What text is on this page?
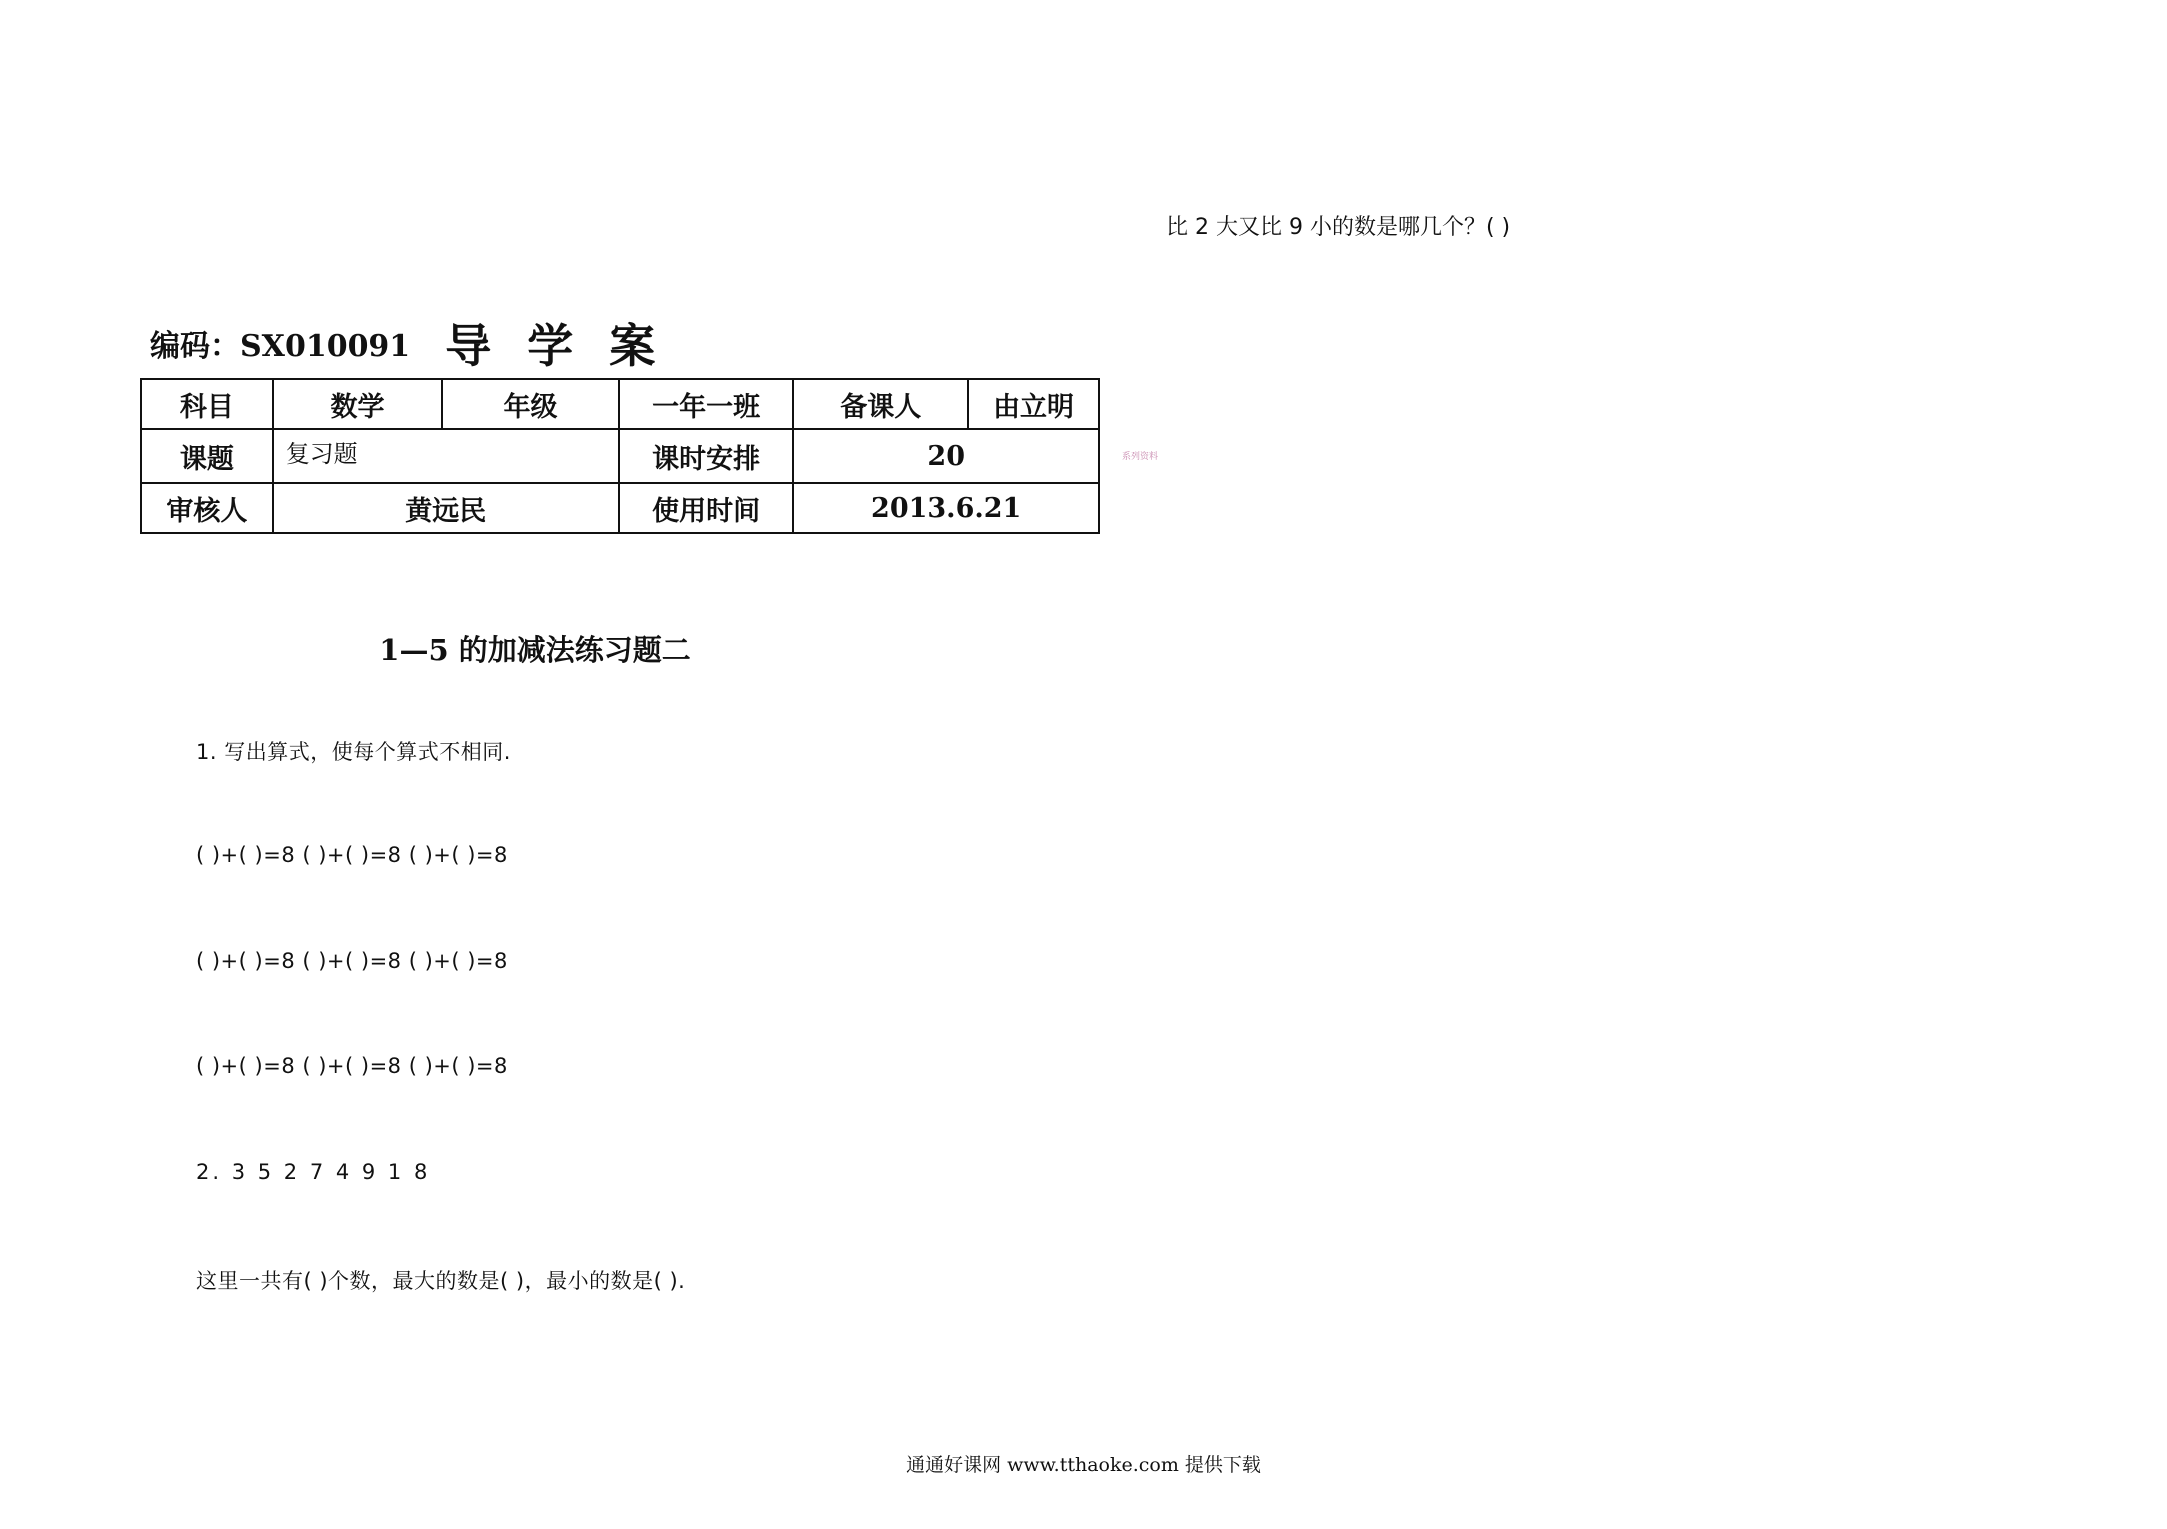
比 2 大又比 9 小的数是哪几个？( )
编码：SX010091 导学案
科目	数学	年级	一年一班	备课人	由立明
课题	复习题		课时安排	20	
审核人	黄远民		使用时间	2013.6.21	
系列资料
1—5 的加减法练习题二
1. 写出算式，使每个算式不相同.
( )+( )=8 ( )+( )=8 ( )+( )=8
( )+( )=8 ( )+( )=8 ( )+( )=8
( )+( )=8 ( )+( )=8 ( )+( )=8
2. 3 5 2 7 4 9 1 8
这里一共有( )个数，最大的数是( )，最小的数是( ).
通通好课网 www.tthaoke.com 提供下载
